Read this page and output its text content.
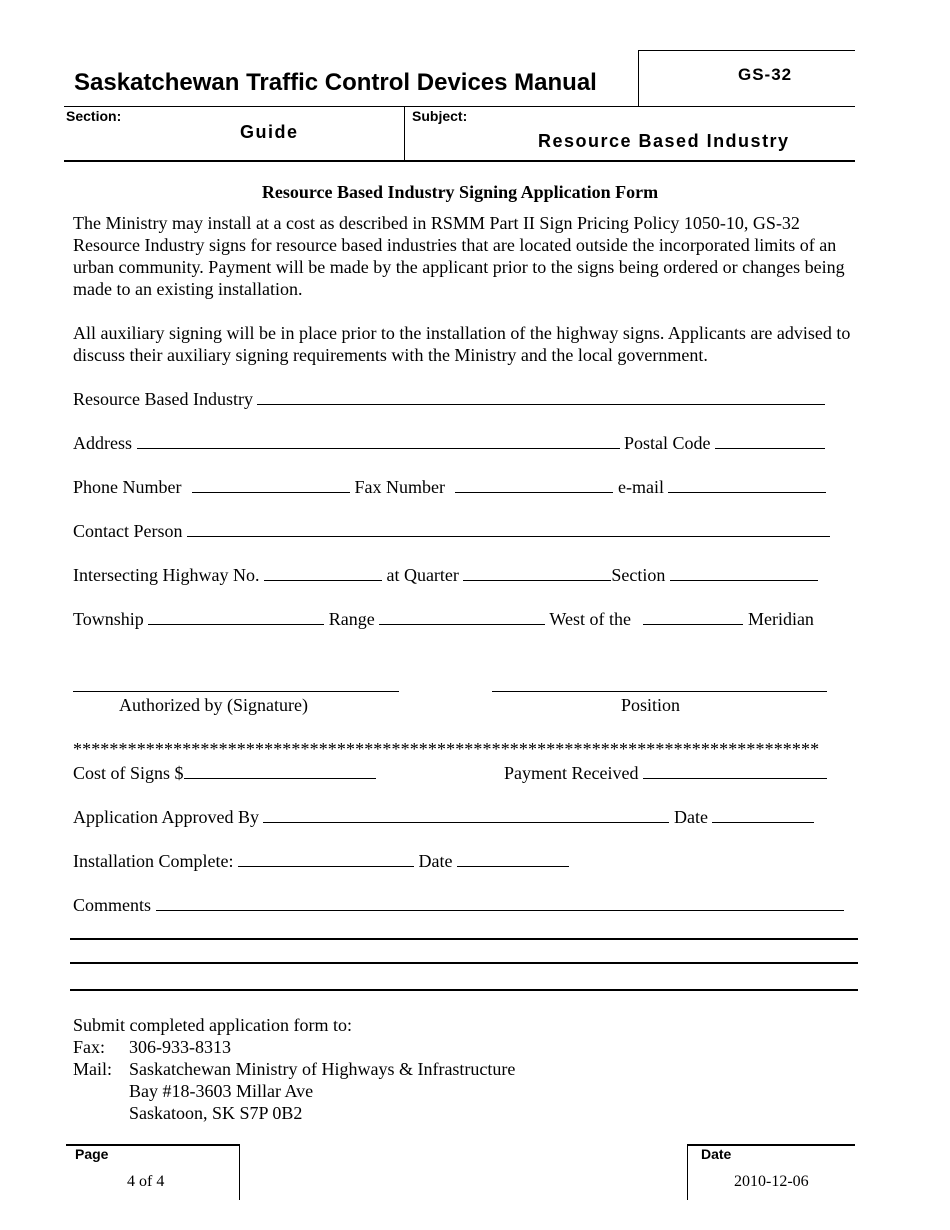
Saskatchewan Traffic Control Devices Manual	GS-32
Section:
Guide
Subject:
Resource Based Industry
Resource Based Industry Signing Application Form
The Ministry may install at a cost as described in RSMM Part II Sign Pricing Policy 1050-10, GS-32 Resource Industry signs for resource based industries that are located outside the incorporated limits of an urban community. Payment will be made by the applicant prior to the signs being ordered or changes being made to an existing installation.
All auxiliary signing will be in place prior to the installation of the highway signs. Applicants are advised to discuss their auxiliary signing requirements with the Ministry and the local government.
Resource Based Industry
Address	Postal Code
Phone Number	Fax Number	e-mail
Contact Person
Intersecting Highway No.	at Quarter	Section
Township	Range	West of the	Meridian
Authorized by (Signature)	Position
**********************************************************************************
Cost of Signs $	Payment Received
Application Approved By	Date
Installation Complete:	Date
Comments
Submit completed application form to:
Fax: 306-933-8313
Mail: Saskatchewan Ministry of Highways & Infrastructure
Bay #18-3603 Millar Ave
Saskatoon, SK S7P 0B2
Page
4 of 4
Date
2010-12-06
